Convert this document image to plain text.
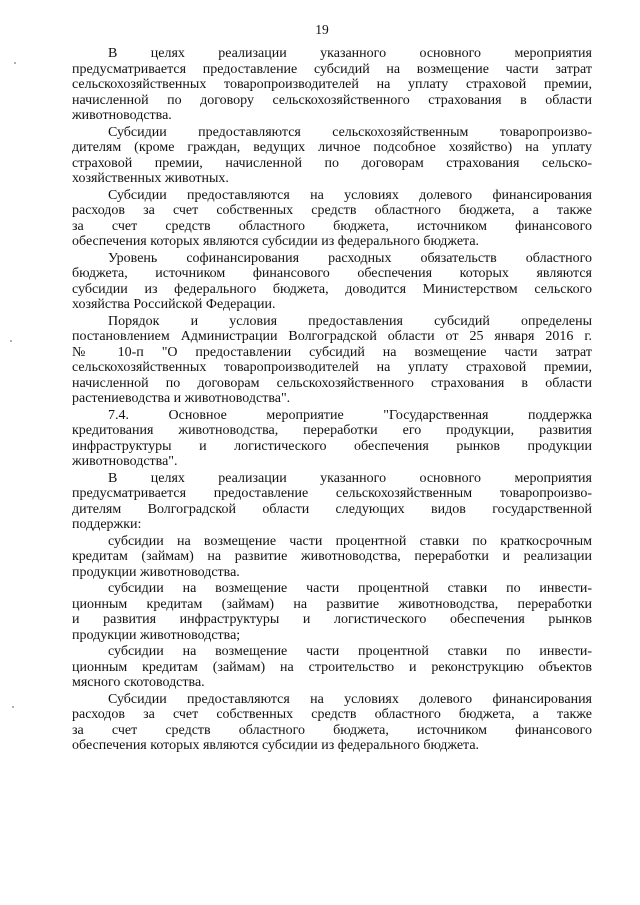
19
В целях реализации указанного основного мероприятия
предусматривается предоставление субсидий на возмещение части затрат
сельскохозяйственных товаропроизводителей на уплату страховой премии,
начисленной по договору сельскохозяйственного страхования в области
животноводства.
Субсидии предоставляются сельскохозяйственным товаропроизво-
дителям (кроме граждан, ведущих личное подсобное хозяйство) на уплату
страховой премии, начисленной по договорам страхования сельско-
хозяйственных животных.
Субсидии предоставляются на условиях долевого финансирования
расходов за счет собственных средств областного бюджета, а также
за счет средств областного бюджета, источником финансового
обеспечения которых являются субсидии из федерального бюджета.
Уровень софинансирования расходных обязательств областного
бюджета, источником финансового обеспечения которых являются
субсидии из федерального бюджета, доводится Министерством сельского
хозяйства Российской Федерации.
Порядок и условия предоставления субсидий определены
постановлением Администрации Волгоградской области от 25 января 2016 г.
№ 10-п "О предоставлении субсидий на возмещение части затрат
сельскохозяйственных товаропроизводителей на уплату страховой премии,
начисленной по договорам сельскохозяйственного страхования в области
растениеводства и животноводства".
7.4. Основное мероприятие "Государственная поддержка
кредитования животноводства, переработки его продукции, развития
инфраструктуры и логистического обеспечения рынков продукции
животноводства".
В целях реализации указанного основного мероприятия
предусматривается предоставление сельскохозяйственным товаропроизво-
дителям Волгоградской области следующих видов государственной
поддержки:
субсидии на возмещение части процентной ставки по краткосрочным
кредитам (займам) на развитие животноводства, переработки и реализации
продукции животноводства.
субсидии на возмещение части процентной ставки по инвести-
ционным кредитам (займам) на развитие животноводства, переработки
и развития инфраструктуры и логистического обеспечения рынков
продукции животноводства;
субсидии на возмещение части процентной ставки по инвести-
ционным кредитам (займам) на строительство и реконструкцию объектов
мясного скотоводства.
Субсидии предоставляются на условиях долевого финансирования
расходов за счет собственных средств областного бюджета, а также
за счет средств областного бюджета, источником финансового
обеспечения которых являются субсидии из федерального бюджета.
